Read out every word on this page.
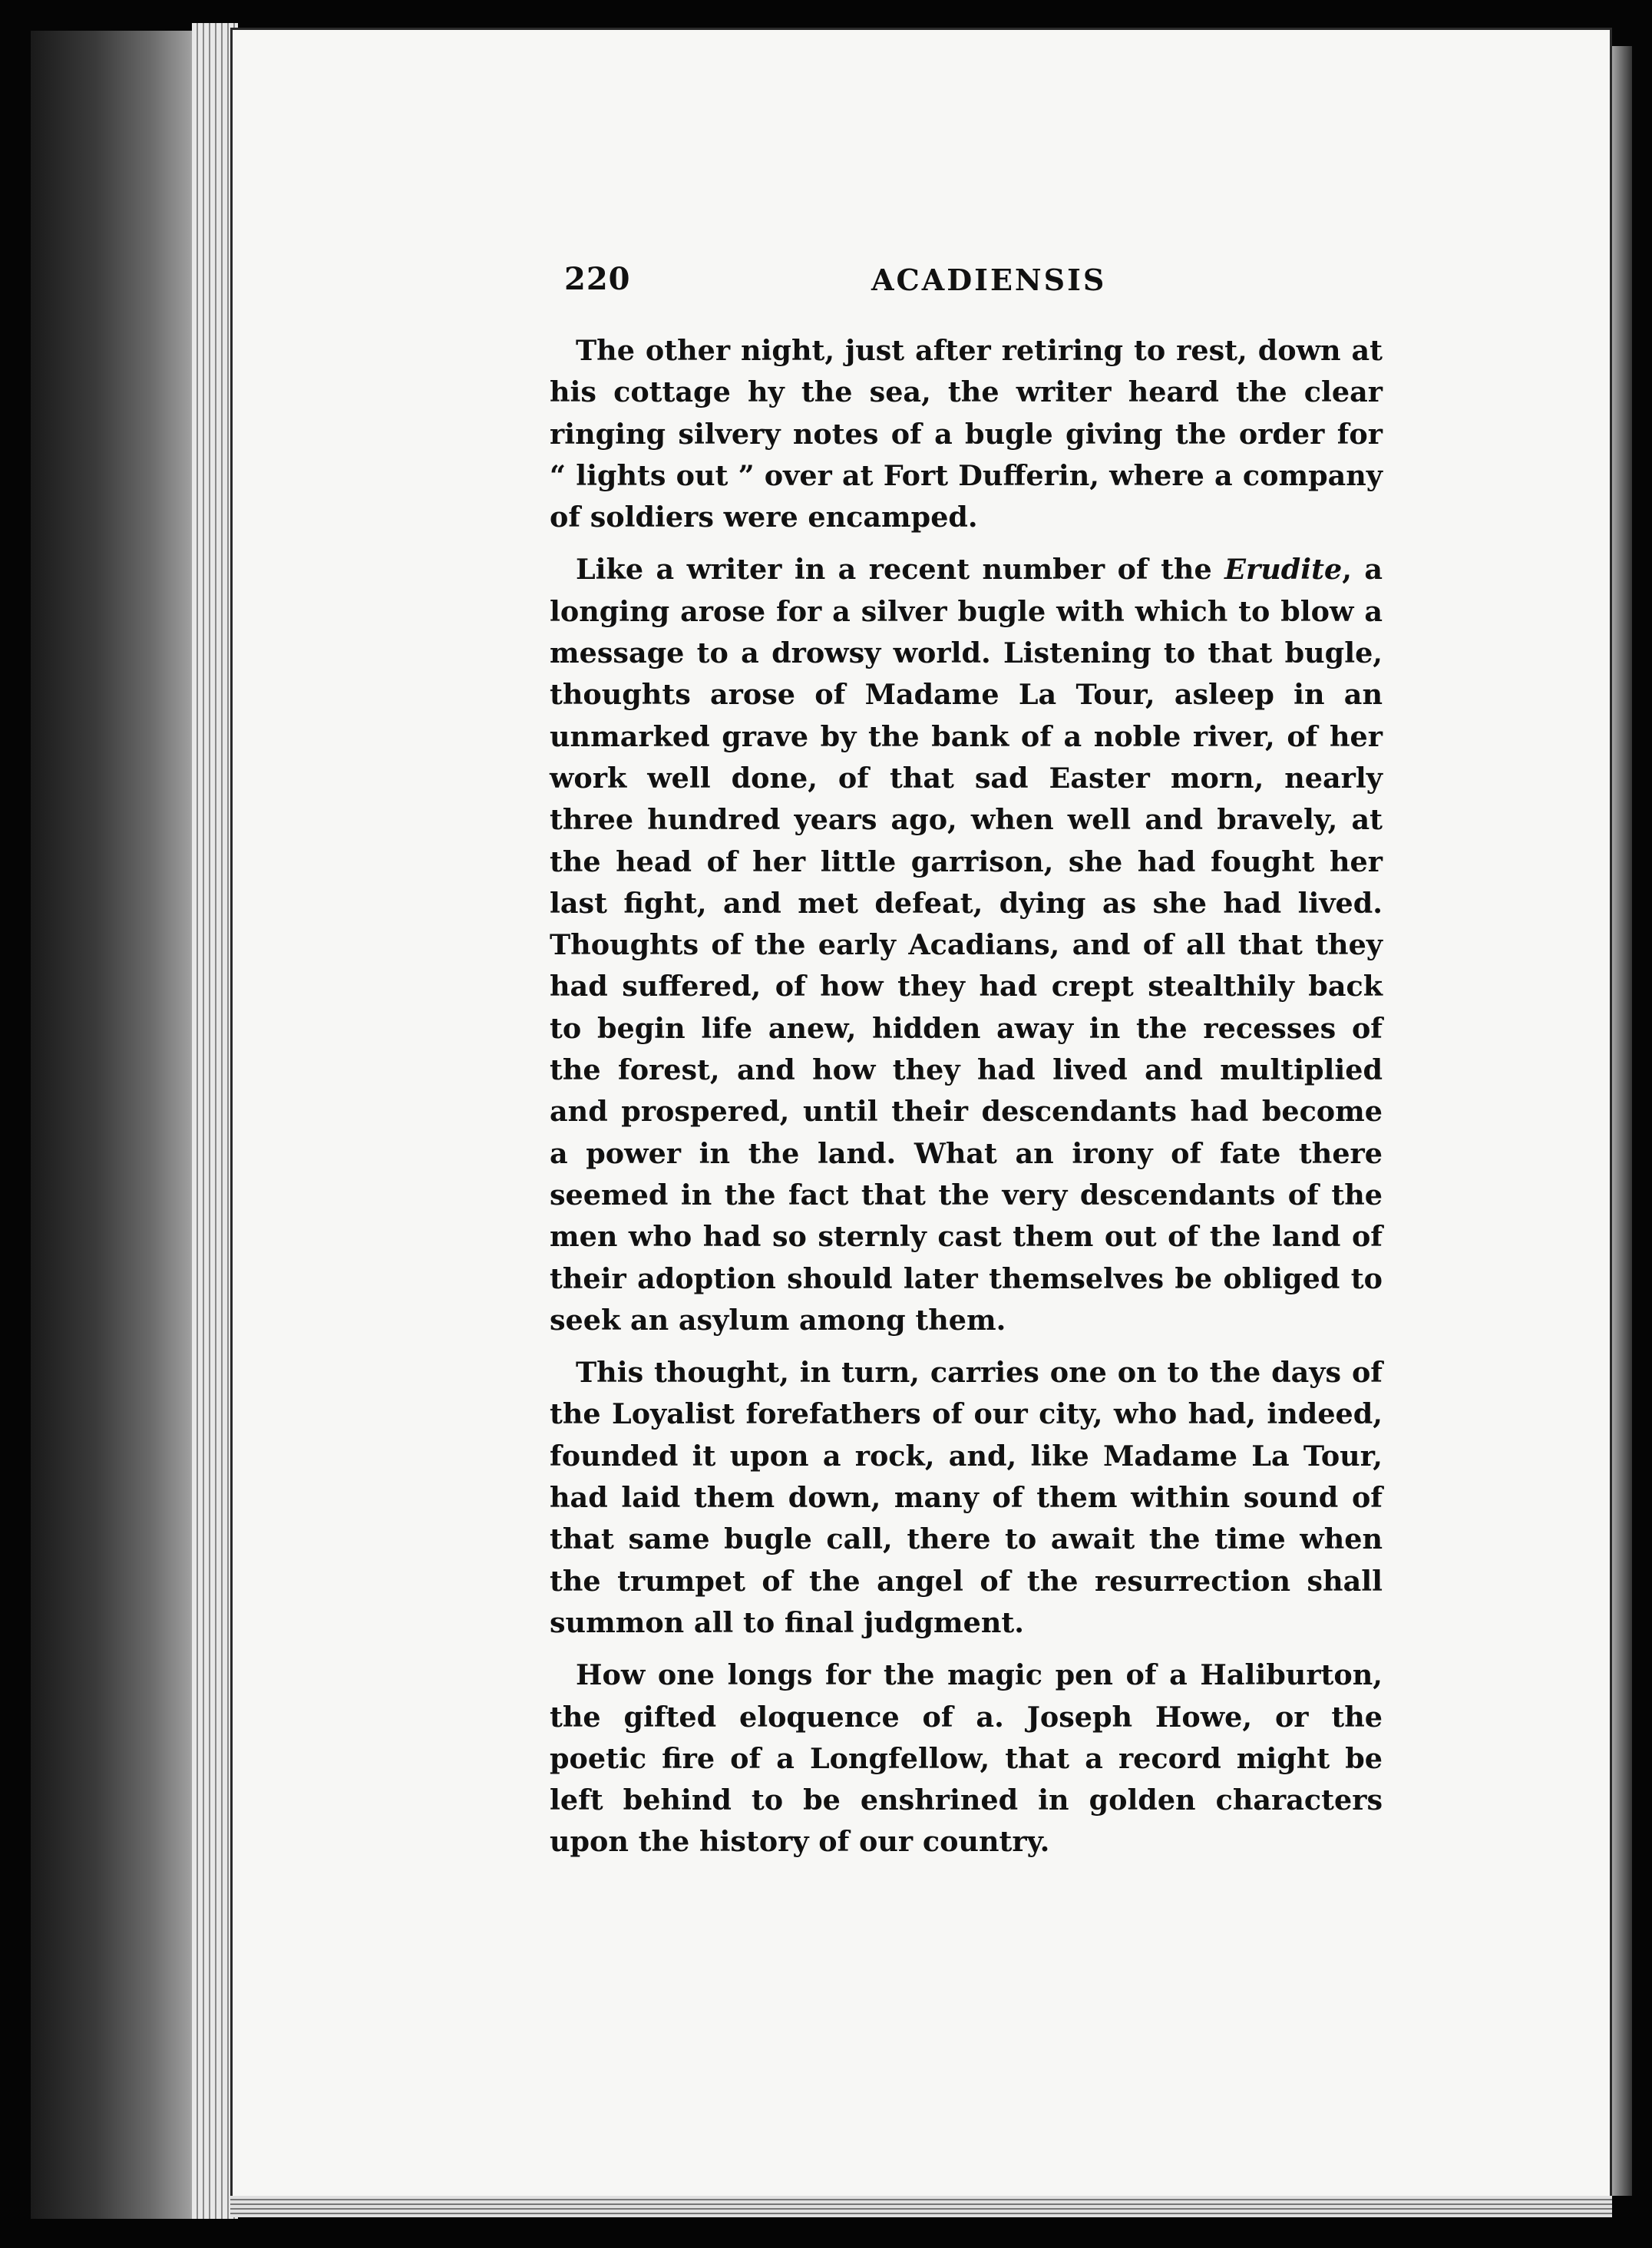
220	ACADIENSIS

The other night, just after retiring to rest, down at his cottage hy the sea, the writer heard the clear ringing silvery notes of a bugle giving the order for “ lights out ” over at Fort Dufferin, where a company of soldiers were encamped.

Like a writer in a recent number of the Erudite, a longing arose for a silver bugle with which to blow a message to a drowsy world. Listening to that bugle, thoughts arose of Madame La Tour, asleep in an unmarked grave by the bank of a noble river, of her work well done, of that sad Easter morn, nearly three hundred years ago, when well and bravely, at the head of her little garrison, she had fought her last fight, and met defeat, dying as she had lived. Thoughts of the early Acadians, and of all that they had suffered, of how they had crept stealthily back to begin life anew, hidden away in the recesses of the forest, and how they had lived and multiplied and prospered, until their descendants had become a power in the land. What an irony of fate there seemed in the fact that the very descendants of the men who had so sternly cast them out of the land of their adoption should later themselves be obliged to seek an asylum among them.

This thought, in turn, carries one on to the days of the Loyalist forefathers of our city, who had, indeed, founded it upon a rock, and, like Madame La Tour, had laid them down, many of them within sound of that same bugle call, there to await the time when the trumpet of the angel of the resurrection shall summon all to final judgment.

How one longs for the magic pen of a Haliburton, the gifted eloquence of a. Joseph Howe, or the poetic fire of a Longfellow, that a record might be left behind to be enshrined in golden characters upon the history of our country.
